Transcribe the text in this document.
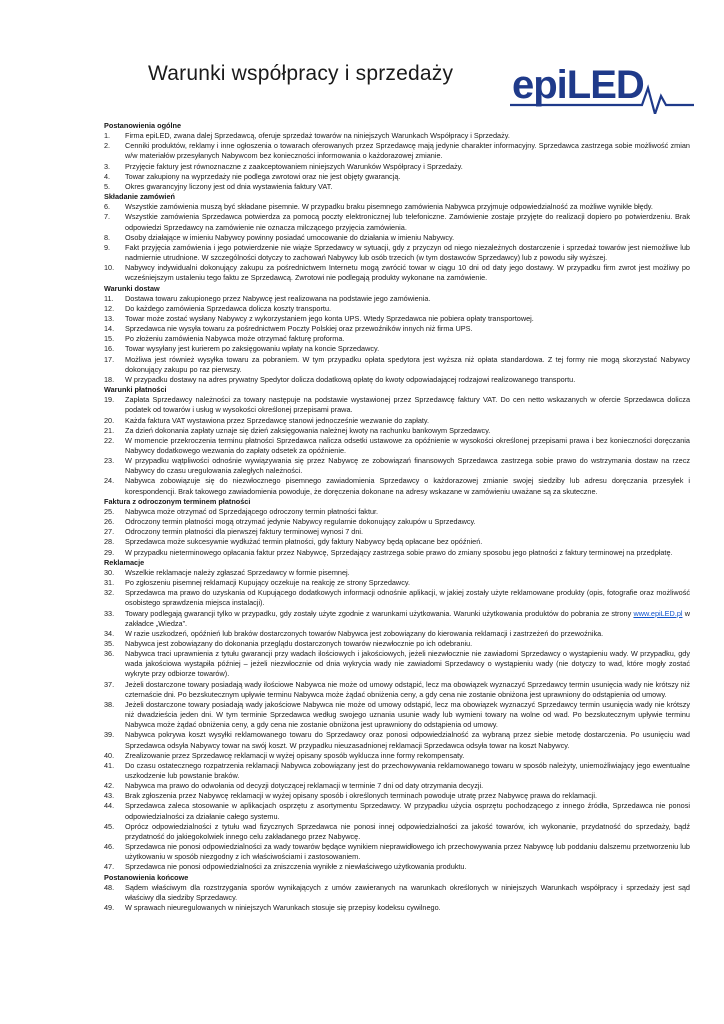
Warunki współpracy i sprzedaży epiLED
Postanowienia ogólne
1.	Firma epiLED, zwana dalej Sprzedawcą, oferuje sprzedaż towarów na niniejszych Warunkach Współpracy i Sprzedaży.
2.	Cenniki produktów, reklamy i inne ogłoszenia o towarach oferowanych przez Sprzedawcę mają jedynie charakter informacyjny. Sprzedawca zastrzega sobie możliwość zmian w/w materiałów przesyłanych Nabywcom bez konieczności informowania o każdorazowej zmianie.
3.	Przyjęcie faktury jest równoznaczne z zaakceptowaniem niniejszych Warunków Współpracy i Sprzedaży.
4.	Towar zakupiony na wyprzedaży nie podlega zwrotowi oraz nie jest objęty gwarancją.
5.	Okres gwarancyjny liczony jest od dnia wystawienia faktury VAT.
Składanie zamówień
6.	Wszystkie zamówienia muszą być składane pisemnie. W przypadku braku pisemnego zamówienia Nabywca przyjmuje odpowiedzialność za możliwe wynikłe błędy.
7.	Wszystkie zamówienia Sprzedawca potwierdza za pomocą poczty elektronicznej lub telefoniczne. Zamówienie zostaje przyjęte do realizacji dopiero po potwierdzeniu. Brak odpowiedzi Sprzedawcy na zamówienie nie oznacza milczącego przyjęcia zamówienia.
8.	Osoby działające w imieniu Nabywcy powinny posiadać umocowanie do działania w imieniu Nabywcy.
9.	Fakt przyjęcia zamówienia i jego potwierdzenie nie wiąże Sprzedawcy w sytuacji, gdy z przyczyn od niego niezależnych dostarczenie i sprzedaż towarów jest niemożliwe lub nadmiernie utrudnione. W szczególności dotyczy to zachowań Nabywcy lub osób trzecich (w tym dostawców Sprzedawcy) lub z powodu siły wyższej.
10.	Nabywcy indywidualni dokonujący zakupu za pośrednictwem Internetu mogą zwrócić towar w ciągu 10 dni od daty jego dostawy. W przypadku firm zwrot jest możliwy po wcześniejszym ustaleniu tego faktu ze Sprzedawcą. Zwrotowi nie podlegają produkty wykonane na zamówienie.
Warunki dostaw
11.	Dostawa towaru zakupionego przez Nabywcę jest realizowana na podstawie jego zamówienia.
12.	Do każdego zamówienia Sprzedawca dolicza koszty transportu.
13.	Towar może zostać wysłany Nabywcy z wykorzystaniem jego konta UPS. Wtedy Sprzedawca nie pobiera opłaty transportowej.
14.	Sprzedawca nie wysyła towaru za pośrednictwem Poczty Polskiej oraz przewoźników innych niż firma UPS.
15.	Po złożeniu zamówienia Nabywca może otrzymać fakturę proforma.
16.	Towar wysyłany jest kurierem po zaksięgowaniu wpłaty na koncie Sprzedawcy.
17.	Możliwa jest również wysyłka towaru za pobraniem. W tym przypadku opłata spedytora jest wyższa niż opłata standardowa. Z tej formy nie mogą skorzystać Nabywcy dokonujący zakupu po raz pierwszy.
18.	W przypadku dostawy na adres prywatny Spedytor dolicza dodatkową opłatę do kwoty odpowiadającej rodzajowi realizowanego transportu.
Warunki płatności
19.	Zapłata Sprzedawcy należności za towary następuje na podstawie wystawionej przez Sprzedawcę faktury VAT. Do cen netto wskazanych w ofercie Sprzedawca dolicza podatek od towarów i usług w wysokości określonej przepisami prawa.
20.	Każda faktura VAT wystawiona przez Sprzedawcę stanowi jednocześnie wezwanie do zapłaty.
21.	Za dzień dokonania zapłaty uznaje się dzień zaksięgowania należnej kwoty na rachunku bankowym Sprzedawcy.
22.	W momencie przekroczenia terminu płatności Sprzedawca nalicza odsetki ustawowe za opóźnienie w wysokości określonej przepisami prawa i bez konieczności doręczania Nabywcy dodatkowego wezwania do zapłaty odsetek za opóźnienie.
23.	W przypadku wątpliwości odnośnie wywiązywania się przez Nabywcę ze zobowiązań finansowych Sprzedawca zastrzega sobie prawo do wstrzymania dostaw na rzecz Nabywcy do czasu uregulowania zaległych należności.
24.	Nabywca zobowiązuje się do niezwłocznego pisemnego zawiadomienia Sprzedawcy o każdorazowej zmianie swojej siedziby lub adresu doręczania przesyłek i korespondencji. Brak takowego zawiadomienia powoduje, że doręczenia dokonane na adresy wskazane w zamówieniu uważane są za skuteczne.
Faktura z odroczonym terminem płatności
25.	Nabywca może otrzymać od Sprzedającego odroczony termin płatności faktur.
26.	Odroczony termin płatności mogą otrzymać jedynie Nabywcy regularnie dokonujący zakupów u Sprzedawcy.
27.	Odroczony termin płatności dla pierwszej faktury terminowej wynosi 7 dni.
28.	Sprzedawca może sukcesywnie wydłużać termin płatności, gdy faktury Nabywcy będą opłacane bez opóźnień.
29.	W przypadku nieterminowego opłacania faktur przez Nabywcę, Sprzedający zastrzega sobie prawo do zmiany sposobu jego płatności z faktury terminowej na przedpłatę.
Reklamacje
30.	Wszelkie reklamacje należy zgłaszać Sprzedawcy w formie pisemnej.
31.	Po zgłoszeniu pisemnej reklamacji Kupujący oczekuje na reakcję ze strony Sprzedawcy.
32.	Sprzedawca ma prawo do uzyskania od Kupującego dodatkowych informacji odnośnie aplikacji, w jakiej zostały użyte reklamowane produkty (opis, fotografie oraz możliwość osobistego sprawdzenia miejsca instalacji).
33.	Towary podlegają gwarancji tylko w przypadku, gdy zostały użyte zgodnie z warunkami użytkowania. Warunki użytkowania produktów do pobrania ze strony www.epiLED.pl w zakładce „Wiedza”.
34.	W razie uszkodzeń, opóźnień lub braków dostarczonych towarów Nabywca jest zobowiązany do kierowania reklamacji i zastrzeżeń do przewoźnika.
35.	Nabywca jest zobowiązany do dokonania przeglądu dostarczonych towarów niezwłocznie po ich odebraniu.
36.	Nabywca traci uprawnienia z tytułu gwarancji przy wadach ilościowych i jakościowych, jeżeli niezwłocznie nie zawiadomi Sprzedawcy o wystąpieniu wady. W przypadku, gdy wada jakościowa wystąpiła później – jeżeli niezwłocznie od dnia wykrycia wady nie zawiadomi Sprzedawcy o wystąpieniu wady (nie dotyczy to wad, które mogły zostać wykryte przy odbiorze towarów).
37.	Jeżeli dostarczone towary posiadają wady ilościowe Nabywca nie może od umowy odstąpić, lecz ma obowiązek wyznaczyć Sprzedawcy termin usunięcia wady nie krótszy niż czternaście dni. Po bezskutecznym upływie terminu Nabywca może żądać obniżenia ceny, a gdy cena nie zostanie obniżona jest uprawniony do odstąpienia od umowy.
38.	Jeżeli dostarczone towary posiadają wady jakościowe Nabywca nie może od umowy odstąpić, lecz ma obowiązek wyznaczyć Sprzedawcy termin usunięcia wady nie krótszy niż dwadzieścia jeden dni. W tym terminie Sprzedawca według swojego uznania usunie wady lub wymieni towary na wolne od wad. Po bezskutecznym upływie terminu Nabywca może żądać obniżenia ceny, a gdy cena nie zostanie obniżona jest uprawniony do odstąpienia od umowy.
39.	Nabywca pokrywa koszt wysyłki reklamowanego towaru do Sprzedawcy oraz ponosi odpowiedzialność za wybraną przez siebie metodę dostarczenia. Po usunięciu wad Sprzedawca odsyła Nabywcy towar na swój koszt. W przypadku nieuzasadnionej reklamacji Sprzedawca odsyła towar na koszt Nabywcy.
40.	Zrealizowanie przez Sprzedawcę reklamacji w wyżej opisany sposób wyklucza inne formy rekompensaty.
41.	Do czasu ostatecznego rozpatrzenia reklamacji Nabywca zobowiązany jest do przechowywania reklamowanego towaru w sposób należyty, uniemożliwiający jego ewentualne uszkodzenie lub powstanie braków.
42.	Nabywca ma prawo do odwołania od decyzji dotyczącej reklamacji w terminie 7 dni od daty otrzymania decyzji.
43.	Brak zgłoszenia przez Nabywcę reklamacji w wyżej opisany sposób i określonych terminach powoduje utratę przez Nabywcę prawa do reklamacji.
44.	Sprzedawca zaleca stosowanie w aplikacjach osprzętu z asortymentu Sprzedawcy. W przypadku użycia osprzętu pochodzącego z innego źródła, Sprzedawca nie ponosi odpowiedzialności za działanie całego systemu.
45.	Oprócz odpowiedzialności z tytułu wad fizycznych Sprzedawca nie ponosi innej odpowiedzialności za jakość towarów, ich wykonanie, przydatność do sprzedaży, bądź przydatność do jakiegokolwiek innego celu zakładanego przez Nabywcę.
46.	Sprzedawca nie ponosi odpowiedzialności za wady towarów będące wynikiem nieprawidłowego ich przechowywania przez Nabywcę lub poddaniu dalszemu przetworzeniu lub użytkowaniu w sposób niezgodny z ich właściwościami i zastosowaniem.
47.	Sprzedawca nie ponosi odpowiedzialności za zniszczenia wynikłe z niewłaściwego użytkowania produktu.
Postanowienia końcowe
48.	Sądem właściwym dla rozstrzygania sporów wynikających z umów zawieranych na warunkach określonych w niniejszych Warunkach współpracy i sprzedaży jest sąd właściwy dla siedziby Sprzedawcy.
49.	W sprawach nieuregulowanych w niniejszych Warunkach stosuje się przepisy kodeksu cywilnego.
